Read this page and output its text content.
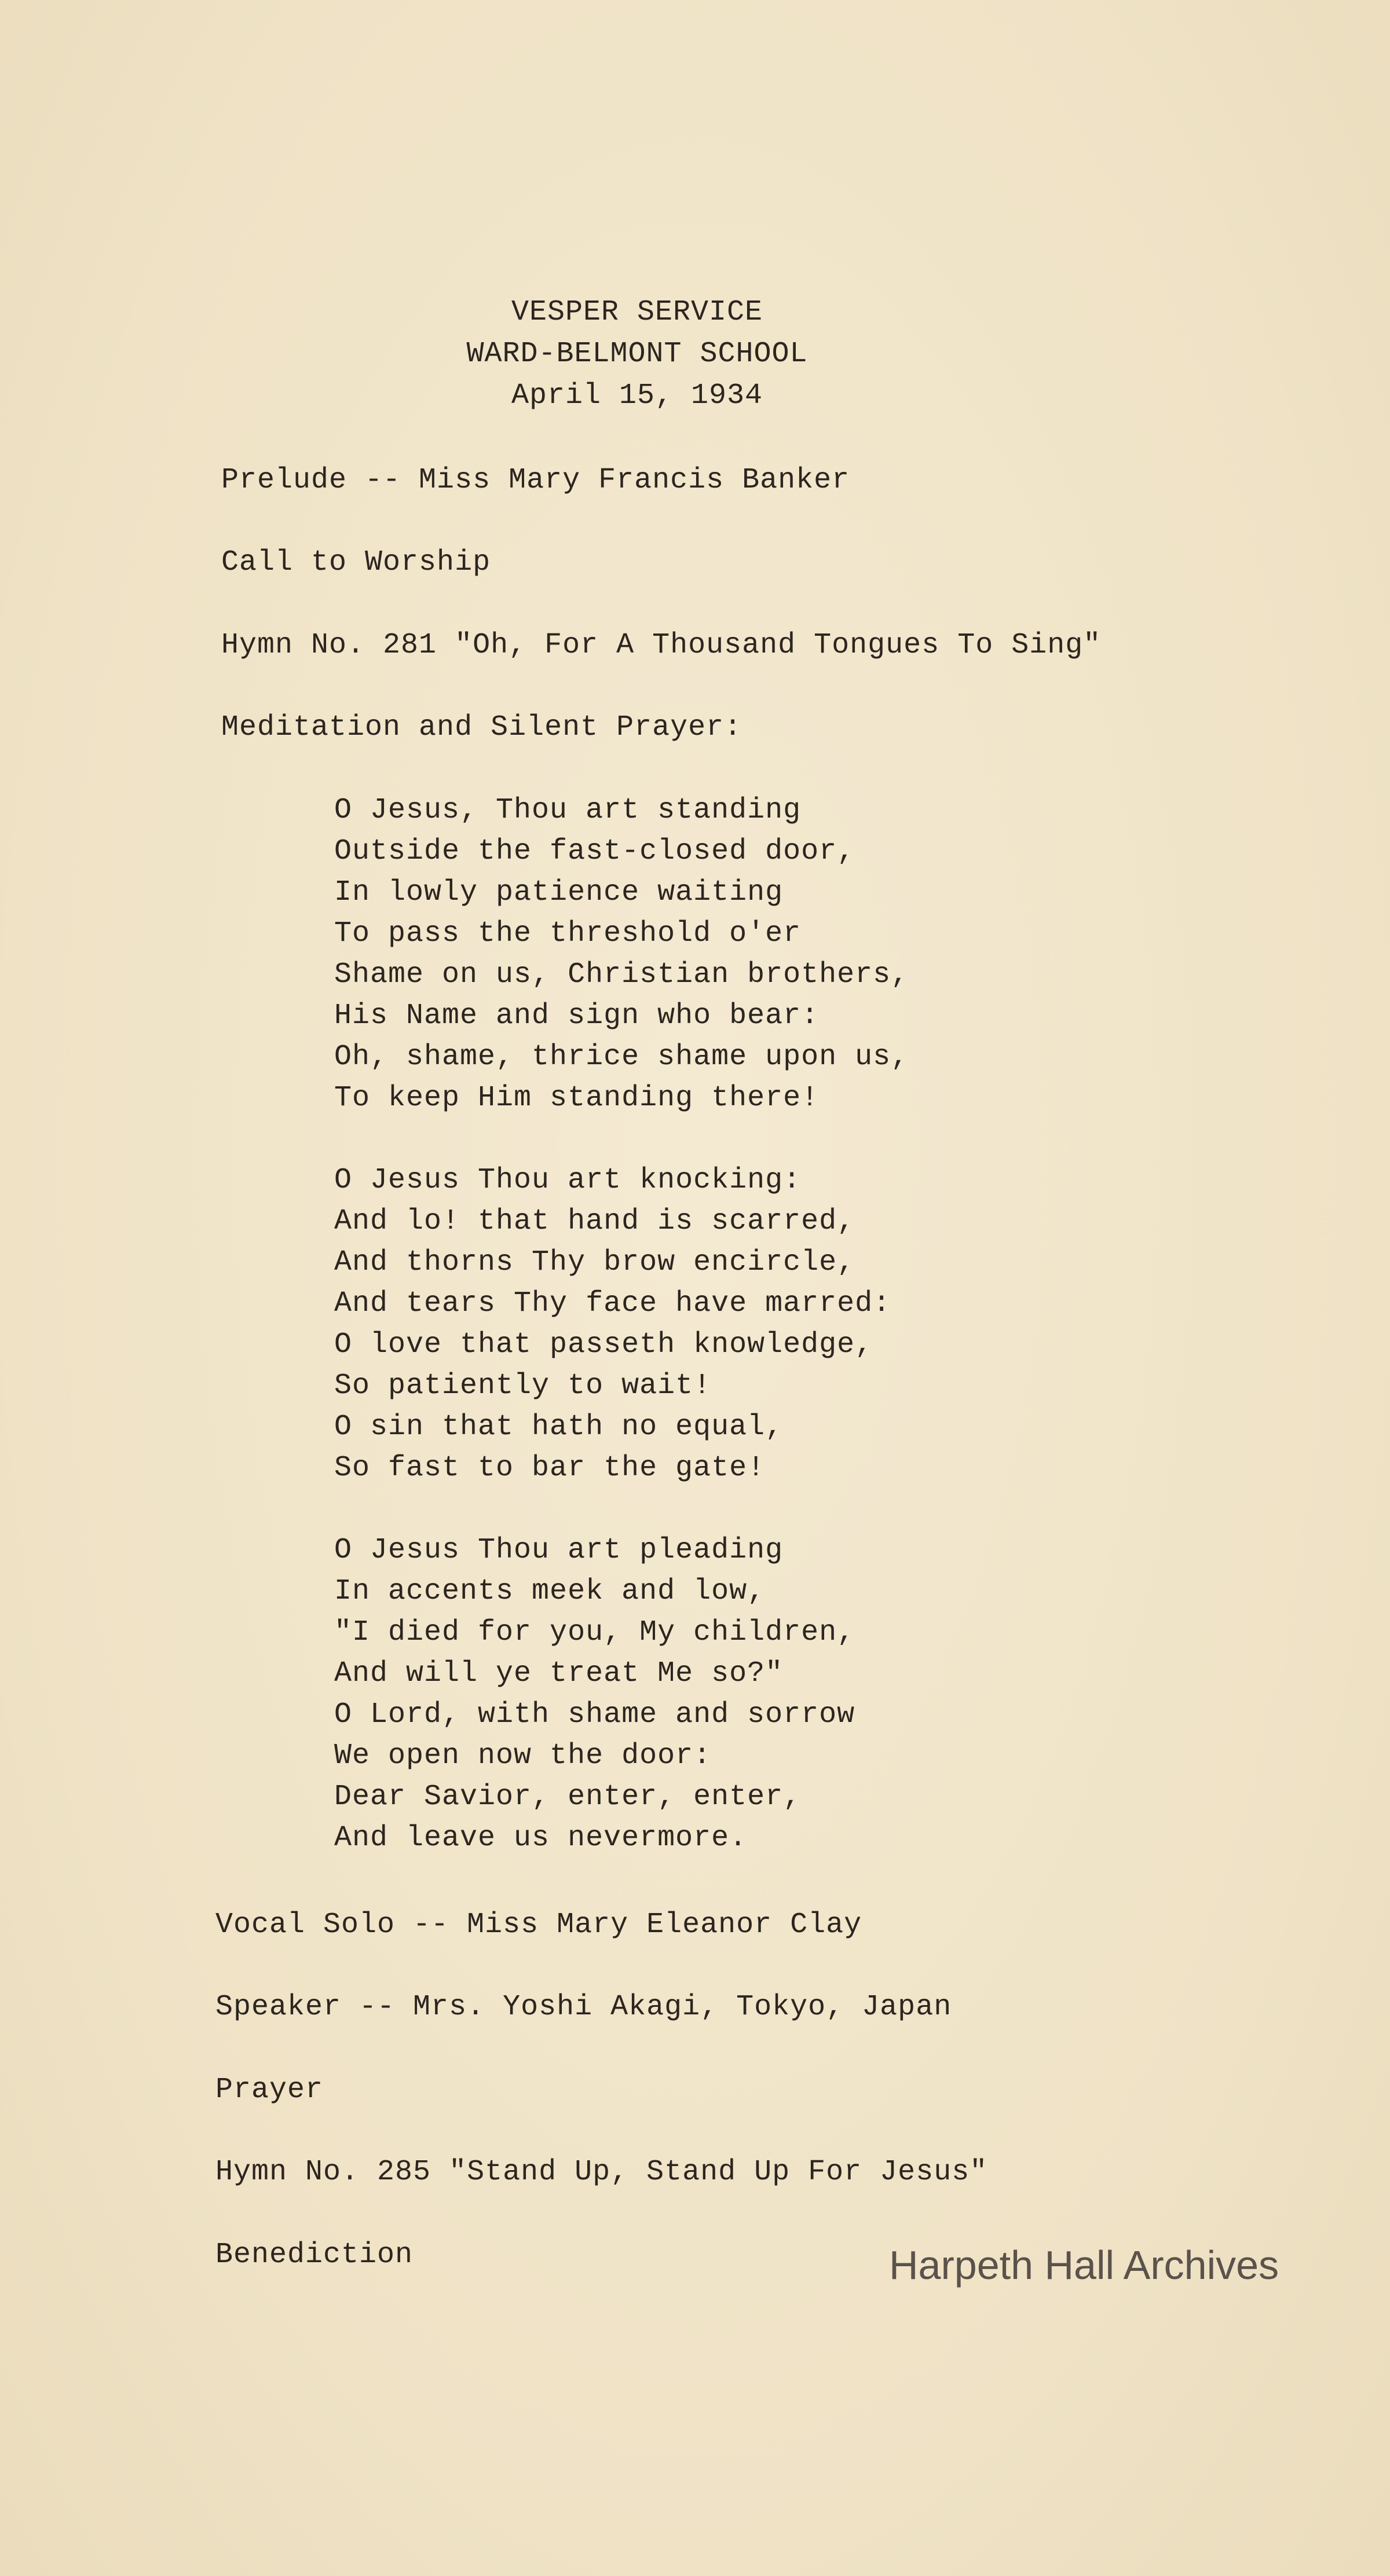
VESPER SERVICE
WARD-BELMONT SCHOOL
April 15, 1934
Prelude -- Miss Mary Francis Banker
Call to Worship
Hymn No. 281 "Oh, For A Thousand Tongues To Sing"
Meditation and Silent Prayer:
O Jesus, Thou art standing
Outside the fast-closed door,
In lowly patience waiting
To pass the threshold o'er
Shame on us, Christian brothers,
His Name and sign who bear:
Oh, shame, thrice shame upon us,
To keep Him standing there!
O Jesus Thou art knocking:
And lo! that hand is scarred,
And thorns Thy brow encircle,
And tears Thy face have marred:
O love that passeth knowledge,
So patiently to wait!
O sin that hath no equal,
So fast to bar the gate!
O Jesus Thou art pleading
In accents meek and low,
"I died for you, My children,
And will ye treat Me so?"
O Lord, with shame and sorrow
We open now the door:
Dear Savior, enter, enter,
And leave us nevermore.
Vocal Solo -- Miss Mary Eleanor Clay
Speaker -- Mrs. Yoshi Akagi, Tokyo, Japan
Prayer
Hymn No. 285 "Stand Up, Stand Up For Jesus"
Benediction	Harpeth Hall Archives
